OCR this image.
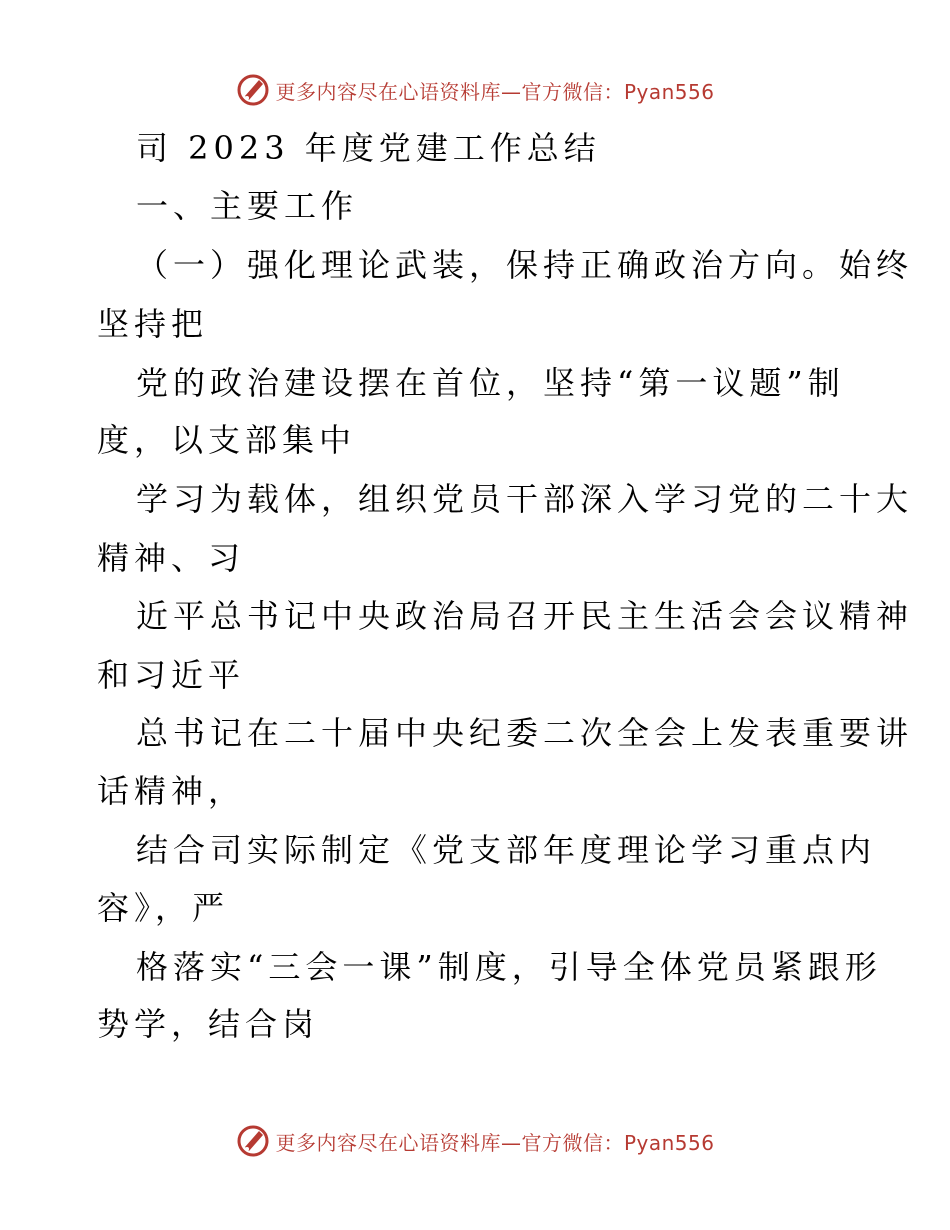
更多内容尽在心语资料库—官方微信：Pyan556
司 2023 年度党建工作总结
一、主要工作
（一）强化理论武装，保持正确政治方向。始终
坚持把
党的政治建设摆在首位，坚持“第一议题”制
度，以支部集中
学习为载体，组织党员干部深入学习党的二十大
精神、习
近平总书记中央政治局召开民主生活会会议精神
和习近平
总书记在二十届中央纪委二次全会上发表重要讲
话精神，
结合司实际制定《党支部年度理论学习重点内
容》，严
格落实“三会一课”制度，引导全体党员紧跟形
势学，结合岗
更多内容尽在心语资料库—官方微信：Pyan556
